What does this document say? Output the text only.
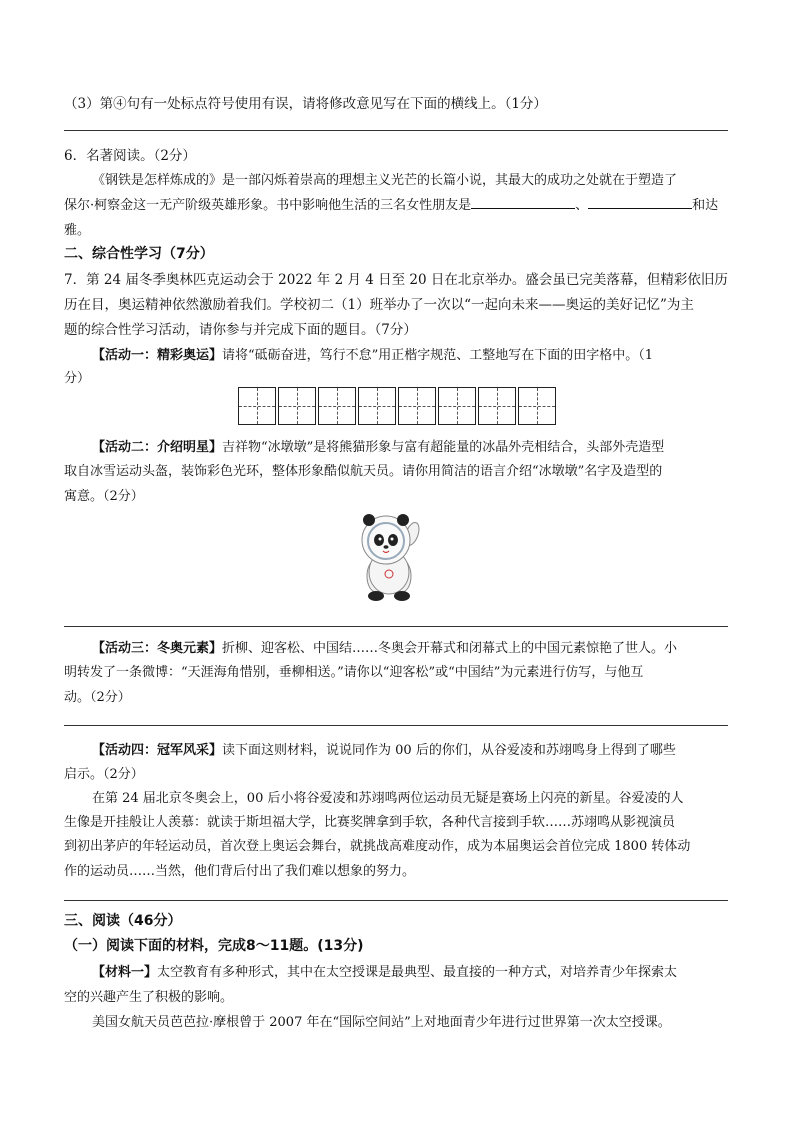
（3）第④句有一处标点符号使用有误，请将修改意见写在下面的横线上。（1分）
6．名著阅读。（2分）
《钢铁是怎样炼成的》是一部闪烁着崇高的理想主义光芒的长篇小说，其最大的成功之处就在于塑造了
保尔·柯察金这一无产阶级英雄形象。书中影响他生活的三名女性朋友是	、	和达
雅。
二、综合性学习（7分）
7．第 24 届冬季奥林匹克运动会于 2022 年 2 月 4 日至 20 日在北京举办。盛会虽已完美落幕，但精彩依旧历
历在目，奥运精神依然激励着我们。学校初二（1）班举办了一次以“一起向未来——奥运的美好记忆”为主
题的综合性学习活动，请你参与并完成下面的题目。（7分）
【活动一：精彩奥运】请将“砥砺奋进，笃行不怠”用正楷字规范、工整地写在下面的田字格中。（1
分）
【活动二：介绍明星】吉祥物“冰墩墩”是将熊猫形象与富有超能量的冰晶外壳相结合，头部外壳造型
取自冰雪运动头盔，装饰彩色光环，整体形象酷似航天员。请你用简洁的语言介绍“冰墩墩”名字及造型的
寓意。（2分）
【活动三：冬奥元素】折柳、迎客松、中国结……冬奥会开幕式和闭幕式上的中国元素惊艳了世人。小
明转发了一条微博：“天涯海角惜别，垂柳相送。”请你以“迎客松”或“中国结”为元素进行仿写，与他互
动。（2分）
【活动四：冠军风采】读下面这则材料，说说同作为 00 后的你们，从谷爱凌和苏翊鸣身上得到了哪些
启示。（2分）
在第 24 届北京冬奥会上，00 后小将谷爱凌和苏翊鸣两位运动员无疑是赛场上闪亮的新星。谷爱凌的人
生像是开挂般让人羡慕：就读于斯坦福大学，比赛奖牌拿到手软，各种代言接到手软……苏翊鸣从影视演员
到初出茅庐的年轻运动员，首次登上奥运会舞台，就挑战高难度动作，成为本届奥运会首位完成 1800 转体动
作的运动员……当然，他们背后付出了我们难以想象的努力。
三、阅读（46分）
（一）阅读下面的材料，完成8～11题。(13分)
【材料一】太空教育有多种形式，其中在太空授课是最典型、最直接的一种方式，对培养青少年探索太
空的兴趣产生了积极的影响。
美国女航天员芭芭拉·摩根曾于 2007 年在“国际空间站”上对地面青少年进行过世界第一次太空授课。
